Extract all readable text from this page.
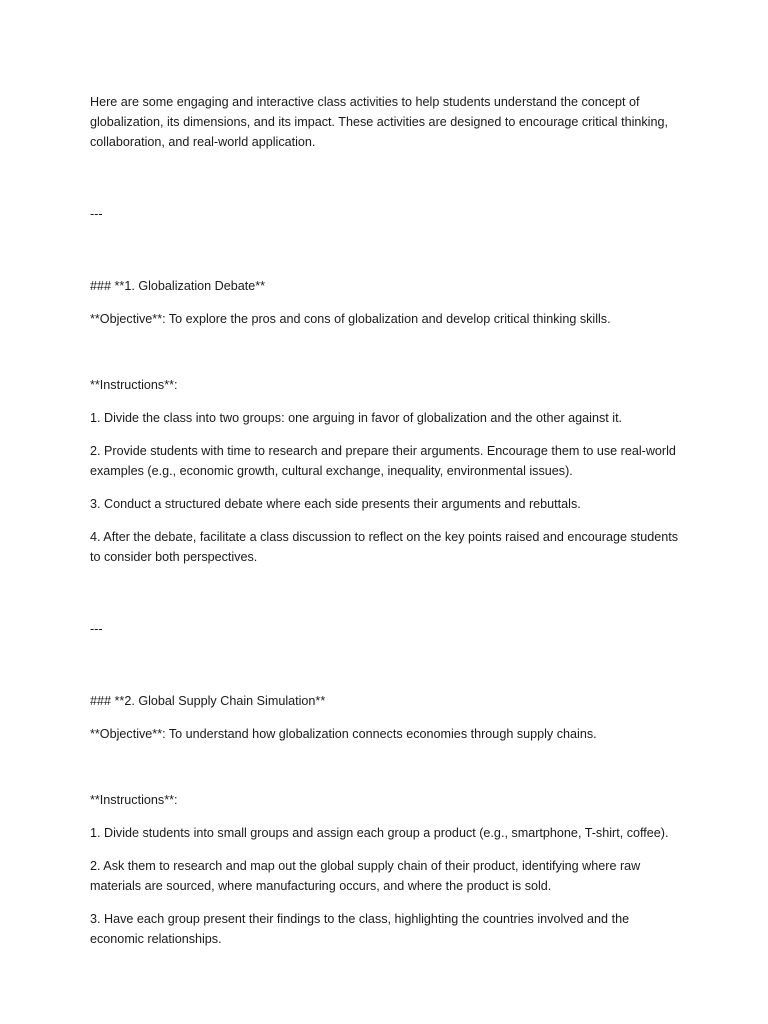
Here are some engaging and interactive class activities to help students understand the concept of globalization, its dimensions, and its impact. These activities are designed to encourage critical thinking, collaboration, and real-world application.

---

### **1. Globalization Debate**

**Objective**: To explore the pros and cons of globalization and develop critical thinking skills.

**Instructions**:

1. Divide the class into two groups: one arguing in favor of globalization and the other against it.

2. Provide students with time to research and prepare their arguments. Encourage them to use real-world examples (e.g., economic growth, cultural exchange, inequality, environmental issues).

3. Conduct a structured debate where each side presents their arguments and rebuttals.

4. After the debate, facilitate a class discussion to reflect on the key points raised and encourage students to consider both perspectives.

---

### **2. Global Supply Chain Simulation**

**Objective**: To understand how globalization connects economies through supply chains.

**Instructions**:

1. Divide students into small groups and assign each group a product (e.g., smartphone, T-shirt, coffee).

2. Ask them to research and map out the global supply chain of their product, identifying where raw materials are sourced, where manufacturing occurs, and where the product is sold.

3. Have each group present their findings to the class, highlighting the countries involved and the economic relationships.
